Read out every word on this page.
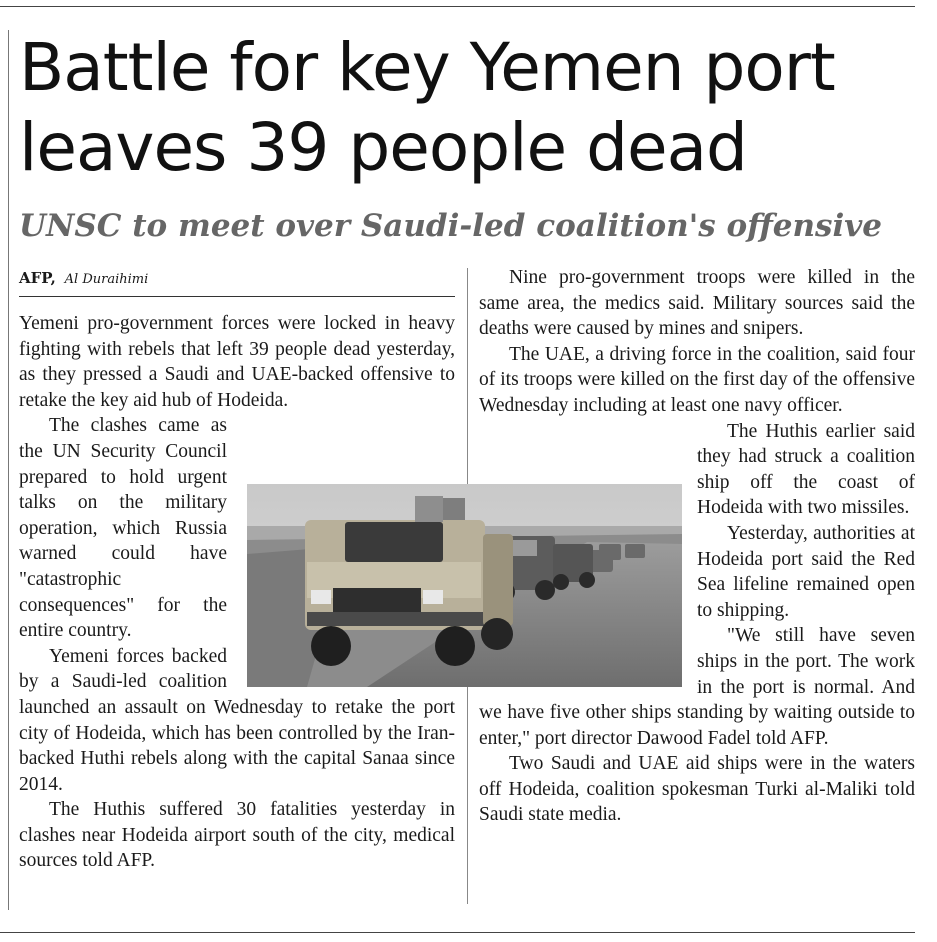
Battle for key Yemen port
leaves 39 people dead
UNSC to meet over Saudi-led coalition's offensive
AFP, Al Duraihimi

Yemeni pro-government forces were locked in heavy fighting with rebels that left 39 people dead yesterday, as they pressed a Saudi and UAE-backed offensive to retake the key aid hub of Hodeida.

The clashes came as the UN Security Council prepared to hold urgent talks on the military operation, which Russia warned could have "catastrophic consequences" for the entire country.

Yemeni forces backed by a Saudi-led coalition launched an assault on Wednesday to retake the port city of Hodeida, which has been controlled by the Iran-backed Huthi rebels along with the capital Sanaa since 2014.

The Huthis suffered 30 fatalities yesterday in clashes near Hodeida airport south of the city, medical sources told AFP.

Nine pro-government troops were killed in the same area, the medics said. Military sources said the deaths were caused by mines and snipers.

The UAE, a driving force in the coalition, said four of its troops were killed on the first day of the offensive Wednesday including at least one navy officer.

The Huthis earlier said they had struck a coalition ship off the coast of Hodeida with two missiles.

Yesterday, authorities at Hodeida port said the Red Sea lifeline remained open to shipping.

"We still have seven ships in the port. The work in the port is normal. And we have five other ships standing by waiting outside to enter," port director Dawood Fadel told AFP.

Two Saudi and UAE aid ships were in the waters off Hodeida, coalition spokesman Turki al-Maliki told Saudi state media.
